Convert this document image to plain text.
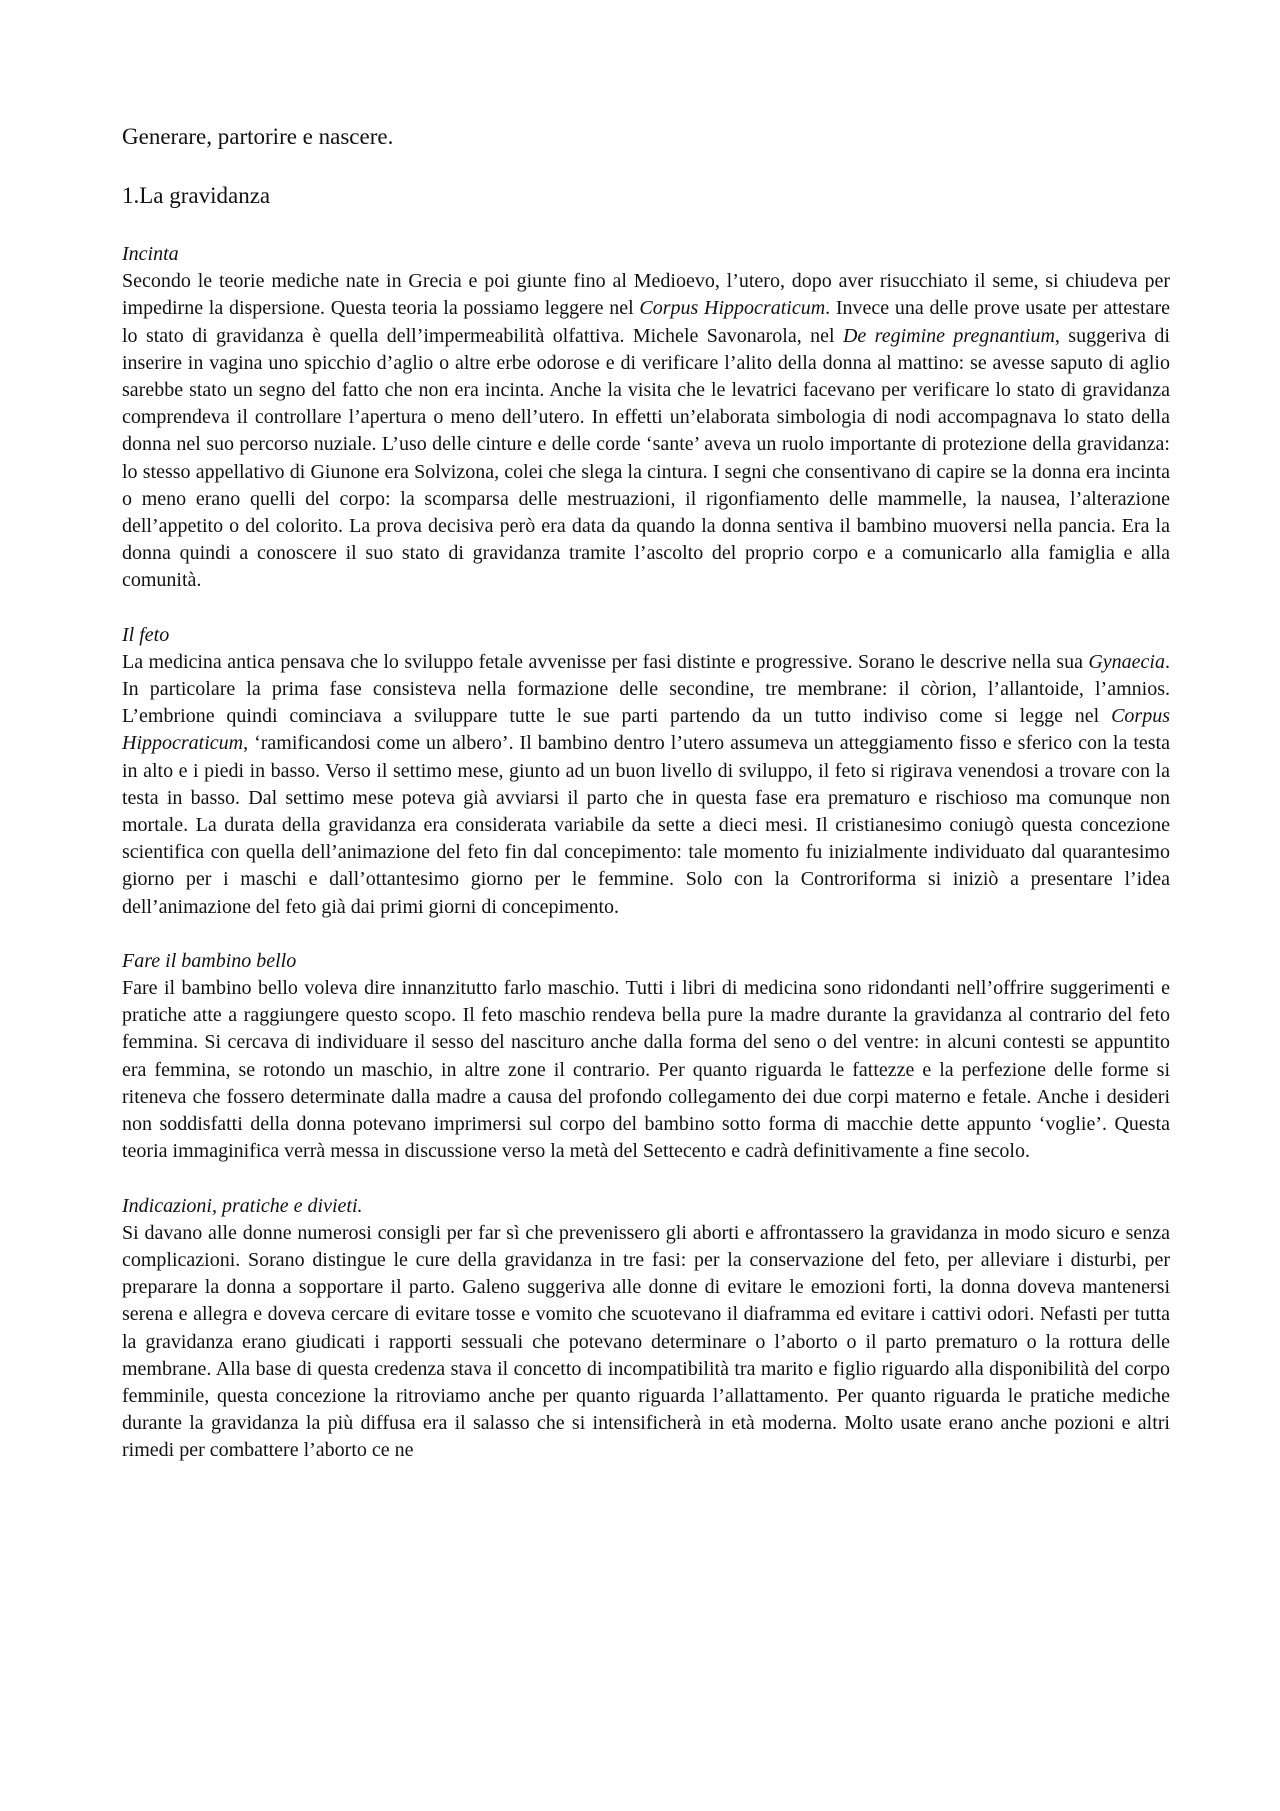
Generare, partorire e nascere.
1.La gravidanza
Incinta

Secondo le teorie mediche nate in Grecia e poi giunte fino al Medioevo, l’utero, dopo aver risucchiato il seme, si chiudeva per impedirne la dispersione. Questa teoria la possiamo leggere nel Corpus Hippocraticum. Invece una delle prove usate per attestare lo stato di gravidanza è quella dell’impermeabilità olfattiva. Michele Savonarola, nel De regimine pregnantium, suggeriva di inserire in vagina uno spicchio d’aglio o altre erbe odorose e di verificare l’alito della donna al mattino: se avesse saputo di aglio sarebbe stato un segno del fatto che non era incinta. Anche la visita che le levatrici facevano per verificare lo stato di gravidanza comprendeva il controllare l’apertura o meno dell’utero. In effetti un’elaborata simbologia di nodi accompagnava lo stato della donna nel suo percorso nuziale. L’uso delle cinture e delle corde ‘sante’ aveva un ruolo importante di protezione della gravidanza: lo stesso appellativo di Giunone era Solvizona, colei che slega la cintura. I segni che consentivano di capire se la donna era incinta o meno erano quelli del corpo: la scomparsa delle mestruazioni, il rigonfiamento delle mammelle, la nausea, l’alterazione dell’appetito o del colorito. La prova decisiva però era data da quando la donna sentiva il bambino muoversi nella pancia. Era la donna quindi a conoscere il suo stato di gravidanza tramite l’ascolto del proprio corpo e a comunicarlo alla famiglia e alla comunità.

Il feto

La medicina antica pensava che lo sviluppo fetale avvenisse per fasi distinte e progressive. Sorano le descrive nella sua Gynaecia. In particolare la prima fase consisteva nella formazione delle secondine, tre membrane: il còrion, l’allantoide, l’amnios. L’embrione quindi cominciava a sviluppare tutte le sue parti partendo da un tutto indiviso come si legge nel Corpus Hippocraticum, ‘ramificandosi come un albero’. Il bambino dentro l’utero assumeva un atteggiamento fisso e sferico con la testa in alto e i piedi in basso. Verso il settimo mese, giunto ad un buon livello di sviluppo, il feto si rigirava venendosi a trovare con la testa in basso. Dal settimo mese poteva già avviarsi il parto che in questa fase era prematuro e rischioso ma comunque non mortale. La durata della gravidanza era considerata variabile da sette a dieci mesi. Il cristianesimo coniugò questa concezione scientifica con quella dell’animazione del feto fin dal concepimento: tale momento fu inizialmente individuato dal quarantesimo giorno per i maschi e dall’ottantesimo giorno per le femmine. Solo con la Controriforma si iniziò a presentare l’idea dell’animazione del feto già dai primi giorni di concepimento.

Fare il bambino bello

Fare il bambino bello voleva dire innanzitutto farlo maschio. Tutti i libri di medicina sono ridondanti nell’offrire suggerimenti e pratiche atte a raggiungere questo scopo. Il feto maschio rendeva bella pure la madre durante la gravidanza al contrario del feto femmina. Si cercava di individuare il sesso del nascituro anche dalla forma del seno o del ventre: in alcuni contesti se appuntito era femmina, se rotondo un maschio, in altre zone il contrario. Per quanto riguarda le fattezze e la perfezione delle forme si riteneva che fossero determinate dalla madre a causa del profondo collegamento dei due corpi materno e fetale. Anche i desideri non soddisfatti della donna potevano imprimersi sul corpo del bambino sotto forma di macchie dette appunto ‘voglie’. Questa teoria immaginifica verrà messa in discussione verso la metà del Settecento e cadrà definitivamente a fine secolo.

Indicazioni, pratiche e divieti.

Si davano alle donne numerosi consigli per far sì che prevenissero gli aborti e affrontassero la gravidanza in modo sicuro e senza complicazioni. Sorano distingue le cure della gravidanza in tre fasi: per la conservazione del feto, per alleviare i disturbi, per preparare la donna a sopportare il parto. Galeno suggeriva alle donne di evitare le emozioni forti, la donna doveva mantenersi serena e allegra e doveva cercare di evitare tosse e vomito che scuotevano il diaframma ed evitare i cattivi odori. Nefasti per tutta la gravidanza erano giudicati i rapporti sessuali che potevano determinare o l’aborto o il parto prematuro o la rottura delle membrane. Alla base di questa credenza stava il concetto di incompatibilità tra marito e figlio riguardo alla disponibilità del corpo femminile, questa concezione la ritroviamo anche per quanto riguarda l’allattamento. Per quanto riguarda le pratiche mediche durante la gravidanza la più diffusa era il salasso che si intensificherà in età moderna. Molto usate erano anche pozioni e altri rimedi per combattere l’aborto ce ne
